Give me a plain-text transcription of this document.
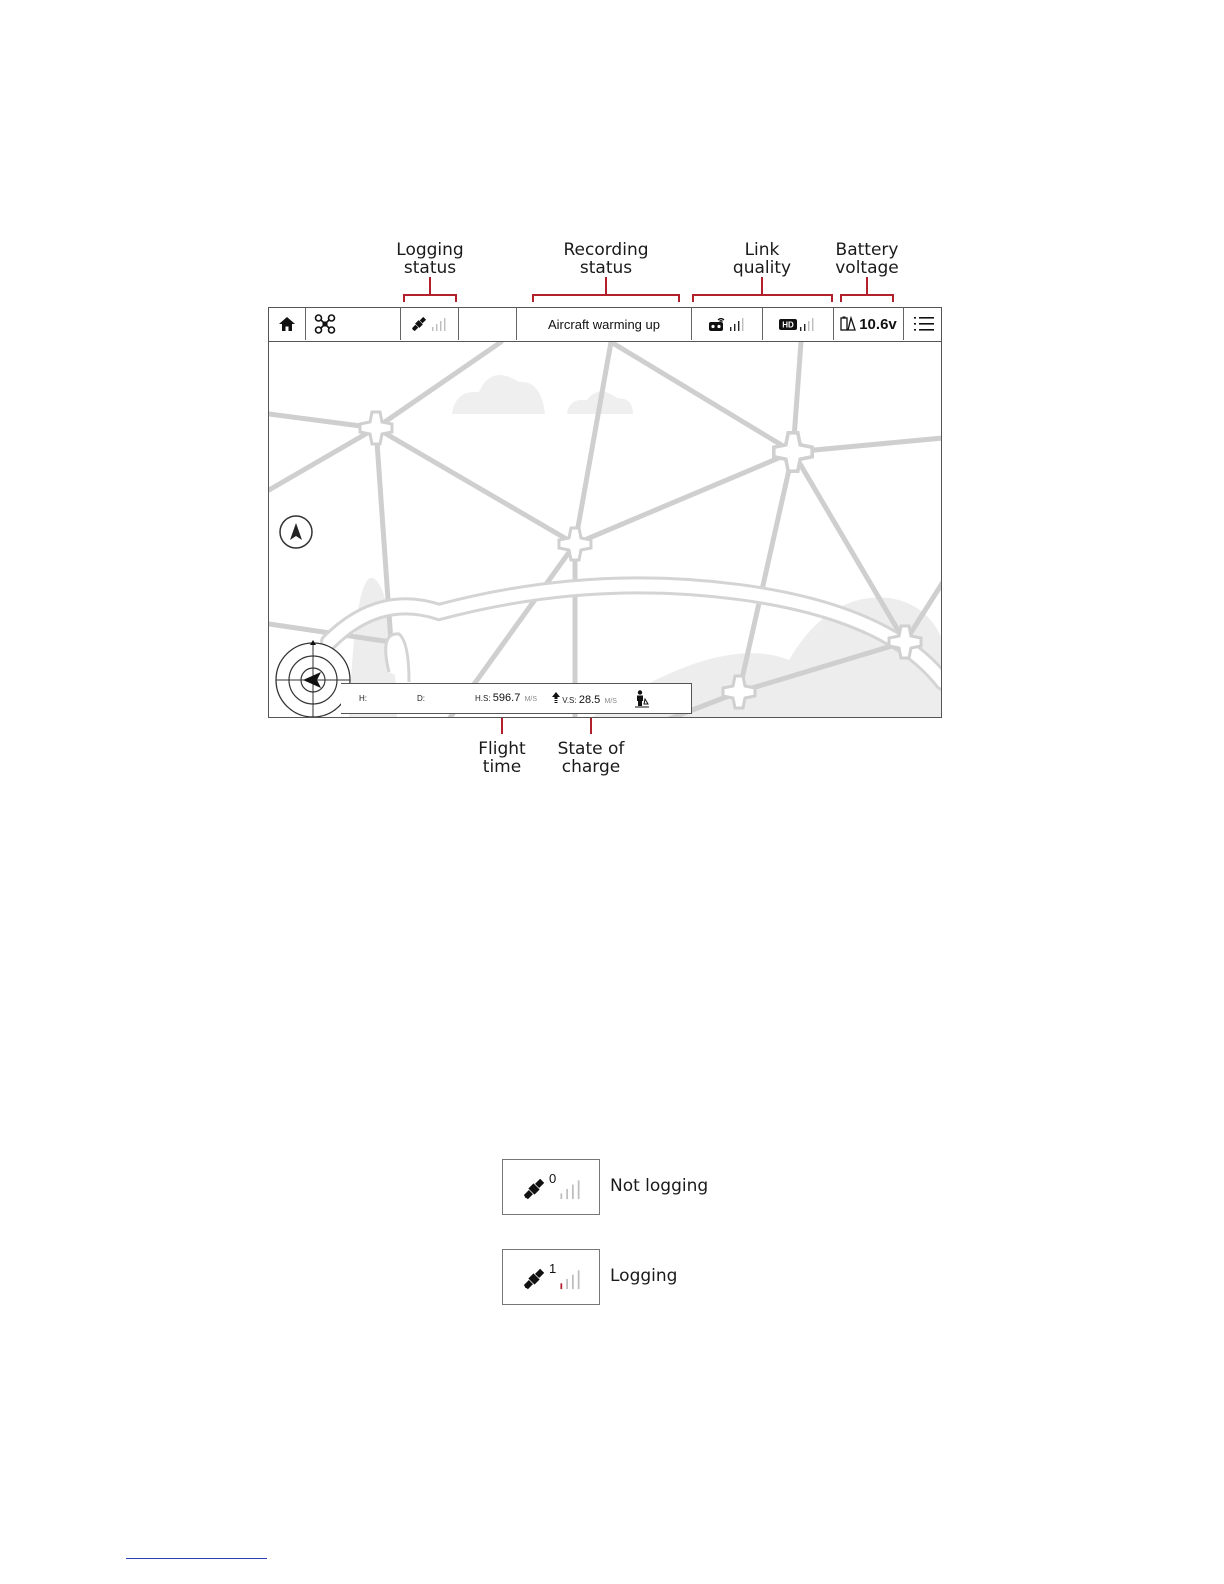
Logging
status
Recording
status
Link
quality
Battery
voltage
Aircraft warming up	HD	10.6v
H:	D:	H.S: 596.7 M/S	V.S: 28.5 M/S
Flight
time
State of
charge
0	Not logging
1	Logging
